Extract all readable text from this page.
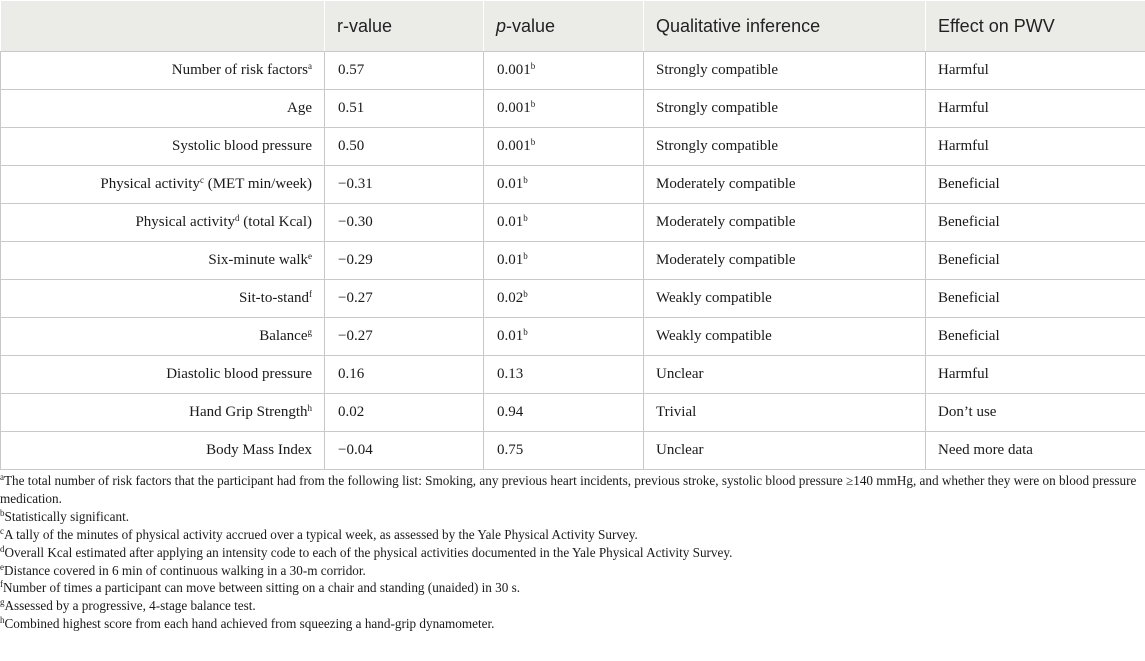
	r-value	p-value	Qualitative inference	Effect on PWV
Number of risk factors$^a$	0.57	0.001$^b$	Strongly compatible	Harmful
Age	0.51	0.001$^b$	Strongly compatible	Harmful
Systolic blood pressure	0.50	0.001$^b$	Strongly compatible	Harmful
Physical activity$^c$ (MET min/week)	−0.31	0.01$^b$	Moderately compatible	Beneficial
Physical activity$^d$ (total Kcal)	−0.30	0.01$^b$	Moderately compatible	Beneficial
Six-minute walk$^e$	−0.29	0.01$^b$	Moderately compatible	Beneficial
Sit-to-stand$^f$	−0.27	0.02$^b$	Weakly compatible	Beneficial
Balance$^g$	−0.27	0.01$^b$	Weakly compatible	Beneficial
Diastolic blood pressure	0.16	0.13	Unclear	Harmful
Hand Grip Strength$^h$	0.02	0.94	Trivial	Don’t use
Body Mass Index	−0.04	0.75	Unclear	Need more data

$^a$The total number of risk factors that the participant had from the following list: Smoking, any previous heart incidents, previous stroke, systolic blood pressure ≥140 mmHg, and whether they were on blood pressure medication.

$^b$Statistically significant.

$^c$A tally of the minutes of physical activity accrued over a typical week, as assessed by the Yale Physical Activity Survey.

$^d$Overall Kcal estimated after applying an intensity code to each of the physical activities documented in the Yale Physical Activity Survey.

$^e$Distance covered in 6 min of continuous walking in a 30-m corridor.

$^f$Number of times a participant can move between sitting on a chair and standing (unaided) in 30 s.

$^g$Assessed by a progressive, 4-stage balance test.

$^h$Combined highest score from each hand achieved from squeezing a hand-grip dynamometer.
